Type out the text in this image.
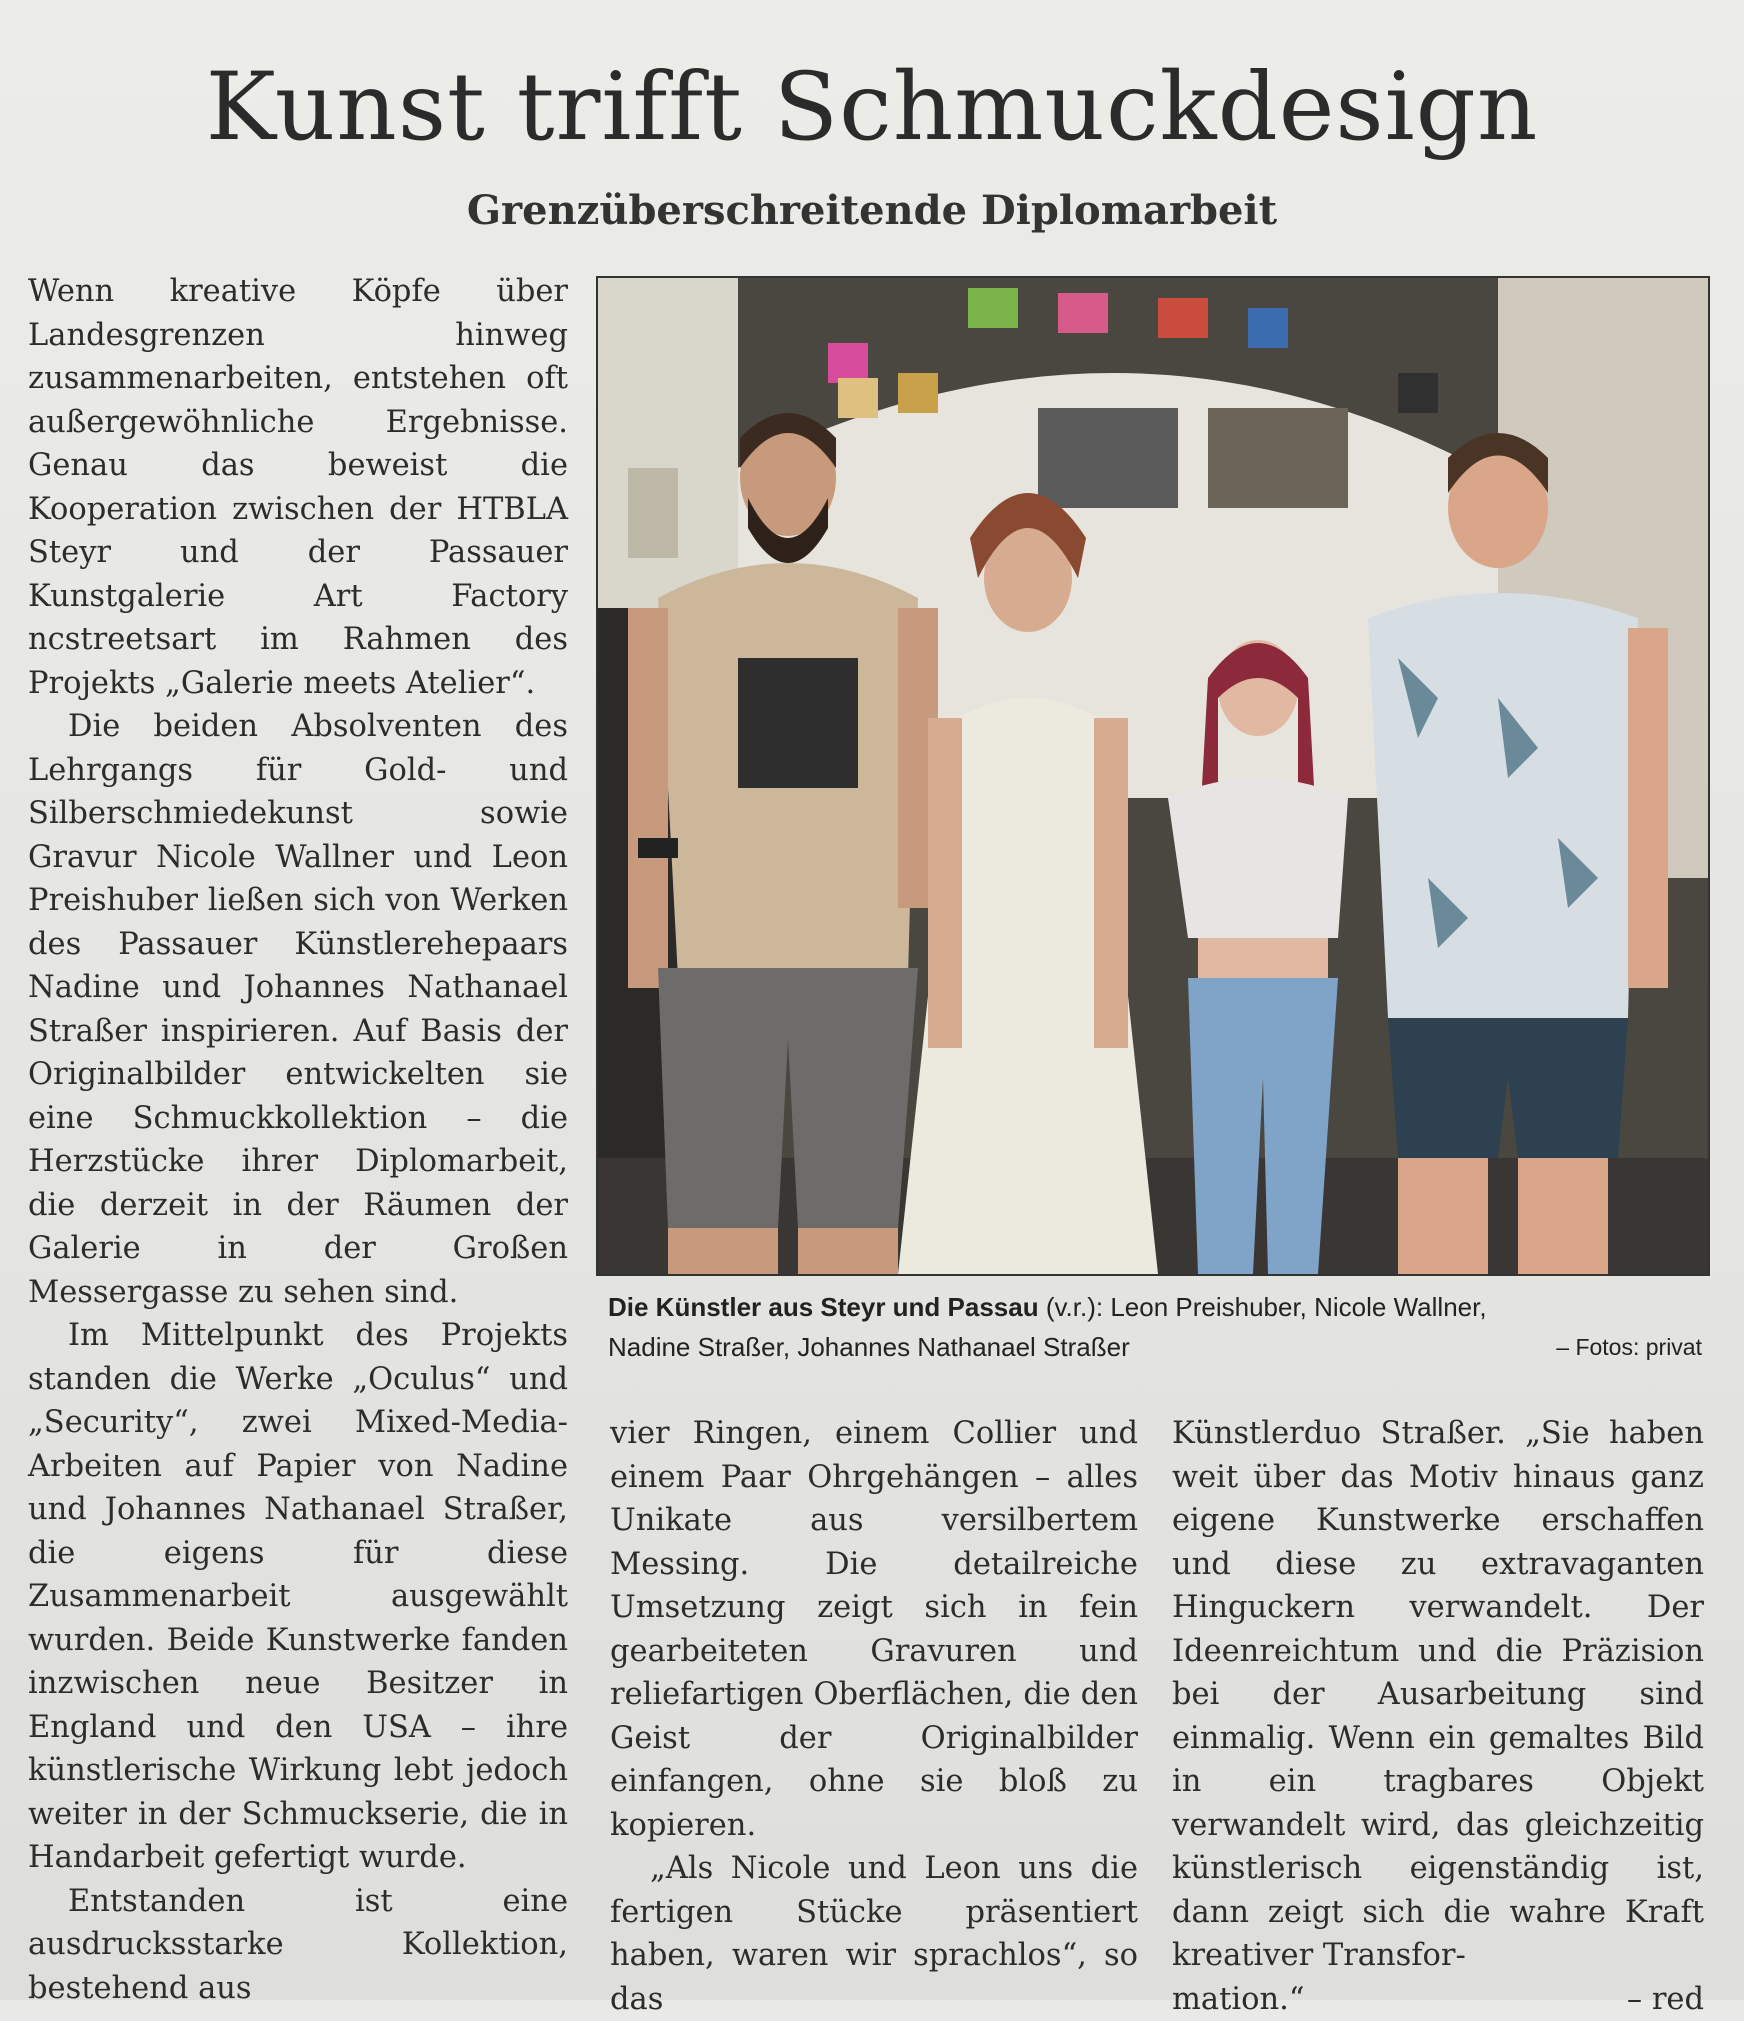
Kunst trifft Schmuckdesign
Grenzüberschreitende Diplomarbeit

Wenn kreative Köpfe über Landesgrenzen hinweg zusammenarbeiten, entstehen oft außergewöhnliche Ergebnisse. Genau das beweist die Kooperation zwischen der HTBLA Steyr und der Passauer Kunstgalerie Art Factory ncstreetsart im Rahmen des Projekts „Galerie meets Atelier“.

Die beiden Absolventen des Lehrgangs für Gold- und Silberschmiedekunst sowie Gravur Nicole Wallner und Leon Preishuber ließen sich von Werken des Passauer Künstlerehepaars Nadine und Johannes Nathanael Straßer inspirieren. Auf Basis der Originalbilder entwickelten sie eine Schmuckkollektion – die Herzstücke ihrer Diplomarbeit, die derzeit in der Räumen der Galerie in der Großen Messergasse zu sehen sind.

Im Mittelpunkt des Projekts standen die Werke „Oculus“ und „Security“, zwei Mixed-Media-Arbeiten auf Papier von Nadine und Johannes Nathanael Straßer, die eigens für diese Zusammenarbeit ausgewählt wurden. Beide Kunstwerke fanden inzwischen neue Besitzer in England und den USA – ihre künstlerische Wirkung lebt jedoch weiter in der Schmuckserie, die in Handarbeit gefertigt wurde.

Entstanden ist eine ausdrucksstarke Kollektion, bestehend aus

Die Künstler aus Steyr und Passau (v.r.): Leon Preishuber, Nicole Wallner,
Nadine Straßer, Johannes Nathanael Straßer	– Fotos: privat

vier Ringen, einem Collier und einem Paar Ohrgehängen – alles Unikate aus versilbertem Messing. Die detailreiche Umsetzung zeigt sich in fein gearbeiteten Gravuren und reliefartigen Oberflächen, die den Geist der Originalbilder einfangen, ohne sie bloß zu kopieren.

„Als Nicole und Leon uns die fertigen Stücke präsentiert haben, waren wir sprachlos“, so das

Künstlerduo Straßer. „Sie haben weit über das Motiv hinaus ganz eigene Kunstwerke erschaffen und diese zu extravaganten Hinguckern verwandelt. Der Ideenreichtum und die Präzision bei der Ausarbeitung sind einmalig. Wenn ein gemaltes Bild in ein tragbares Objekt verwandelt wird, das gleichzeitig künstlerisch eigenständig ist, dann zeigt sich die wahre Kraft kreativer Transfor-

mation.“	– red
